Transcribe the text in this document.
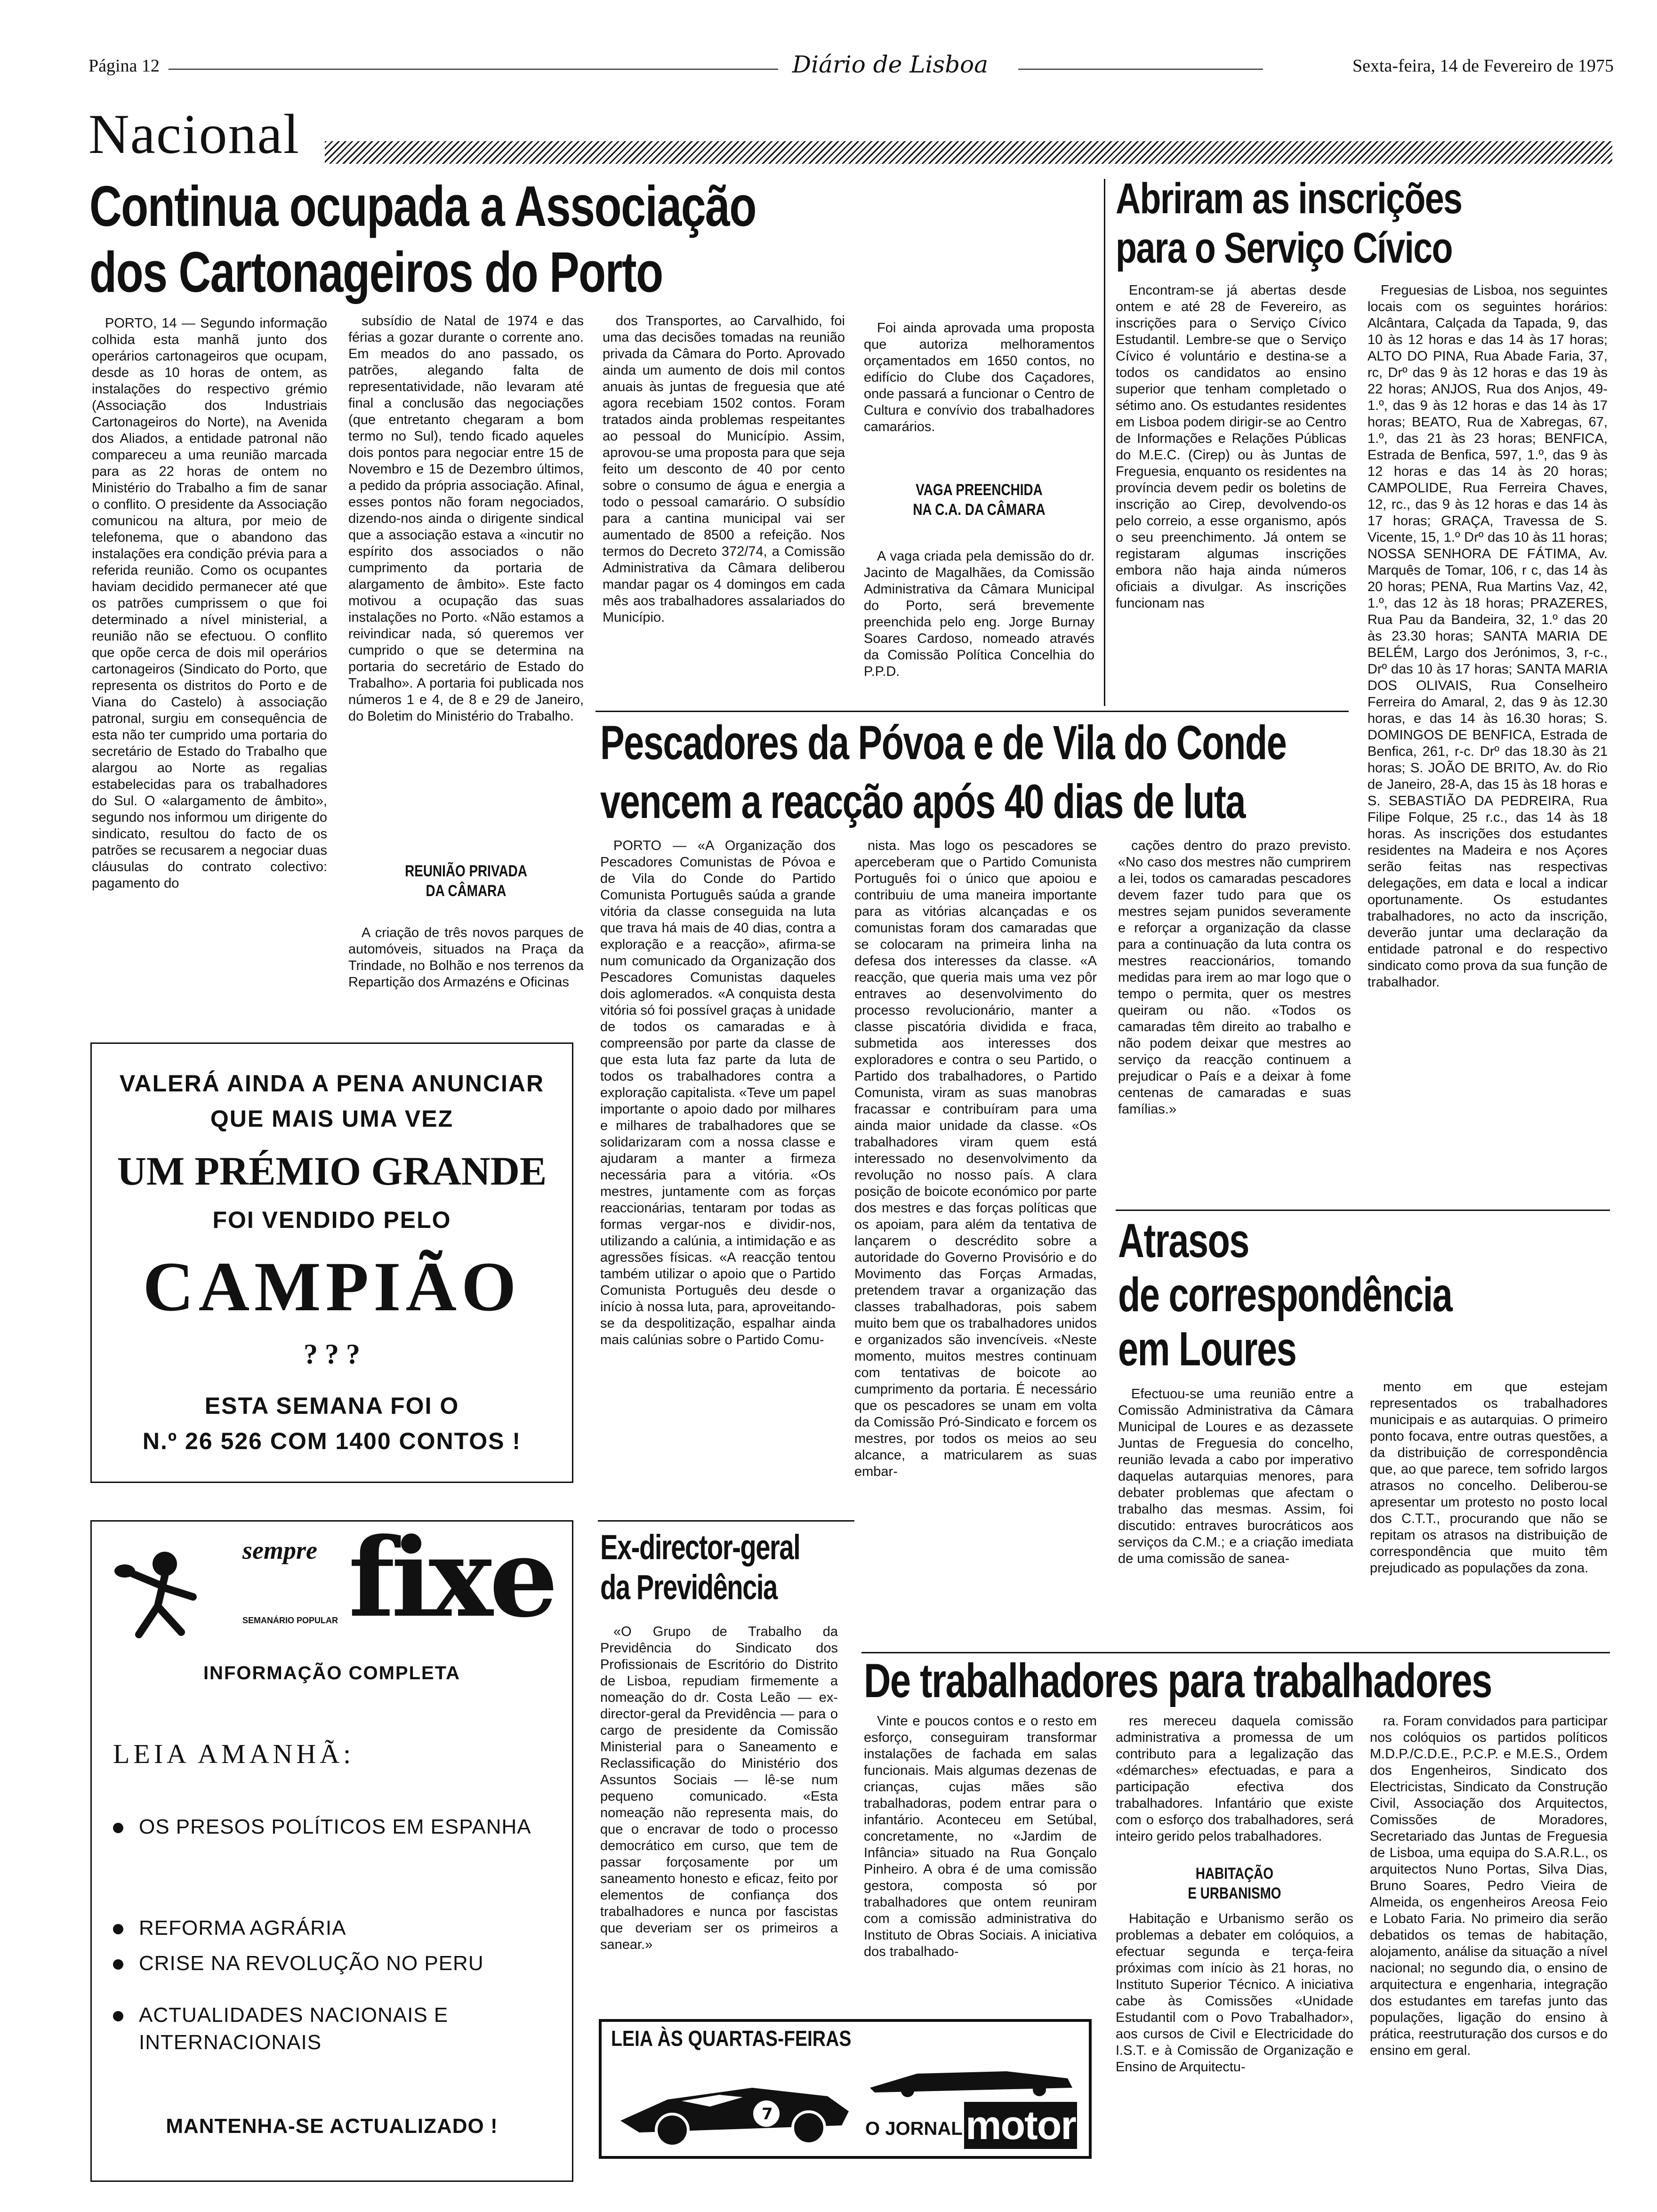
Página 12	Diário de Lisboa	Sexta-feira, 14 de Fevereiro de 1975
Nacional
Continua ocupada a Associação
dos Cartonageiros do Porto

PORTO, 14 — Segundo informação colhida esta manhã junto dos operários cartonageiros que ocupam, desde as 10 horas de ontem, as instalações do respectivo grémio (Associação dos Industriais Cartonageiros do Norte), na Avenida dos Aliados, a entidade patronal não compareceu a uma reunião marcada para as 22 horas de ontem no Ministério do Trabalho a fim de sanar o conflito. O presidente da Associação comunicou na altura, por meio de telefonema, que o abandono das instalações era condição prévia para a referida reunião. Como os ocupantes haviam decidido permanecer até que os patrões cumprissem o que foi determinado a nível ministerial, a reunião não se efectuou. O conflito que opõe cerca de dois mil operários cartonageiros (Sindicato do Porto, que representa os distritos do Porto e de Viana do Castelo) à associação patronal, surgiu em consequência de esta não ter cumprido uma portaria do secretário de Estado do Trabalho que alargou ao Norte as regalias estabelecidas para os trabalhadores do Sul. O «alargamento de âmbito», segundo nos informou um dirigente do sindicato, resultou do facto de os patrões se recusarem a negociar duas cláusulas do contrato colectivo: pagamento do

subsídio de Natal de 1974 e das férias a gozar durante o corrente ano. Em meados do ano passado, os patrões, alegando falta de representatividade, não levaram até final a conclusão das negociações (que entretanto chegaram a bom termo no Sul), tendo ficado aqueles dois pontos para negociar entre 15 de Novembro e 15 de Dezembro últimos, a pedido da própria associação. Afinal, esses pontos não foram negociados, dizendo-nos ainda o dirigente sindical que a associação estava a «incutir no espírito dos associados o não cumprimento da portaria de alargamento de âmbito». Este facto motivou a ocupação das suas instalações no Porto. «Não estamos a reivindicar nada, só queremos ver cumprido o que se determina na portaria do secretário de Estado do Trabalho». A portaria foi publicada nos números 1 e 4, de 8 e 29 de Janeiro, do Boletim do Ministério do Trabalho.

REUNIÃO PRIVADA
DA CÂMARA

A criação de três novos parques de automóveis, situados na Praça da Trindade, no Bolhão e nos terrenos da Repartição dos Armazéns e Oficinas

dos Transportes, ao Carvalhido, foi uma das decisões tomadas na reunião privada da Câmara do Porto. Aprovado ainda um aumento de dois mil contos anuais às juntas de freguesia que até agora recebiam 1502 contos. Foram tratados ainda problemas respeitantes ao pessoal do Município. Assim, aprovou-se uma proposta para que seja feito um desconto de 40 por cento sobre o consumo de água e energia a todo o pessoal camarário. O subsídio para a cantina municipal vai ser aumentado de 8500 a refeição. Nos termos do Decreto 372/74, a Comissão Administrativa da Câmara deliberou mandar pagar os 4 domingos em cada mês aos trabalhadores assalariados do Município.

Foi ainda aprovada uma proposta que autoriza melhoramentos orçamentados em 1650 contos, no edifício do Clube dos Caçadores, onde passará a funcionar o Centro de Cultura e convívio dos trabalhadores camarários.

VAGA PREENCHIDA
NA C.A. DA CÂMARA

A vaga criada pela demissão do dr. Jacinto de Magalhães, da Comissão Administrativa da Câmara Municipal do Porto, será brevemente preenchida pelo eng. Jorge Burnay Soares Cardoso, nomeado através da Comissão Política Concelhia do P.P.D.

Abriram as inscrições
para o Serviço Cívico

Encontram-se já abertas desde ontem e até 28 de Fevereiro, as inscrições para o Serviço Cívico Estudantil. Lembre-se que o Serviço Cívico é voluntário e destina-se a todos os candidatos ao ensino superior que tenham completado o sétimo ano. Os estudantes residentes em Lisboa podem dirigir-se ao Centro de Informações e Relações Públicas do M.E.C. (Cirep) ou às Juntas de Freguesia, enquanto os residentes na província devem pedir os boletins de inscrição ao Cirep, devolvendo-os pelo correio, a esse organismo, após o seu preenchimento. Já ontem se registaram algumas inscrições embora não haja ainda números oficiais a divulgar. As inscrições funcionam nas

Freguesias de Lisboa, nos seguintes locais com os seguintes horários: Alcântara, Calçada da Tapada, 9, das 10 às 12 horas e das 14 às 17 horas; ALTO DO PINA, Rua Abade Faria, 37, rc, Drº das 9 às 12 horas e das 19 às 22 horas; ANJOS, Rua dos Anjos, 49-1.º, das 9 às 12 horas e das 14 às 17 horas; BEATO, Rua de Xabregas, 67, 1.º, das 21 às 23 horas; BENFICA, Estrada de Benfica, 597, 1.º, das 9 às 12 horas e das 14 às 20 horas; CAMPOLIDE, Rua Ferreira Chaves, 12, rc., das 9 às 12 horas e das 14 às 17 horas; GRAÇA, Travessa de S. Vicente, 15, 1.º Drº das 10 às 11 horas; NOSSA SENHORA DE FÁTIMA, Av. Marquês de Tomar, 106, r c, das 14 às 20 horas; PENA, Rua Martins Vaz, 42, 1.º, das 12 às 18 horas; PRAZERES, Rua Pau da Bandeira, 32, 1.º das 20 às 23.30 horas; SANTA MARIA DE BELÉM, Largo dos Jerónimos, 3, r-c., Drº das 10 às 17 horas; SANTA MARIA DOS OLIVAIS, Rua Conselheiro Ferreira do Amaral, 2, das 9 às 12.30 horas, e das 14 às 16.30 horas; S. DOMINGOS DE BENFICA, Estrada de Benfica, 261, r-c. Drº das 18.30 às 21 horas; S. JOÃO DE BRITO, Av. do Rio de Janeiro, 28-A, das 15 às 18 horas e S. SEBASTIÃO DA PEDREIRA, Rua Filipe Folque, 25 r.c., das 14 às 18 horas. As inscrições dos estudantes residentes na Madeira e nos Açores serão feitas nas respectivas delegações, em data e local a indicar oportunamente. Os estudantes trabalhadores, no acto da inscrição, deverão juntar uma declaração da entidade patronal e do respectivo sindicato como prova da sua função de trabalhador.

Pescadores da Póvoa e de Vila do Conde
vencem a reacção após 40 dias de luta

PORTO — «A Organização dos Pescadores Comunistas de Póvoa e de Vila do Conde do Partido Comunista Português saúda a grande vitória da classe conseguida na luta que trava há mais de 40 dias, contra a exploração e a reacção», afirma-se num comunicado da Organização dos Pescadores Comunistas daqueles dois aglomerados. «A conquista desta vitória só foi possível graças à unidade de todos os camaradas e à compreensão por parte da classe de que esta luta faz parte da luta de todos os trabalhadores contra a exploração capitalista. «Teve um papel importante o apoio dado por milhares e milhares de trabalhadores que se solidarizaram com a nossa classe e ajudaram a manter a firmeza necessária para a vitória. «Os mestres, juntamente com as forças reaccionárias, tentaram por todas as formas vergar-nos e dividir-nos, utilizando a calúnia, a intimidação e as agressões físicas. «A reacção tentou também utilizar o apoio que o Partido Comunista Português deu desde o início à nossa luta, para, aproveitando-se da despolitização, espalhar ainda mais calúnias sobre o Partido Comu-

nista. Mas logo os pescadores se aperceberam que o Partido Comunista Português foi o único que apoiou e contribuiu de uma maneira importante para as vitórias alcançadas e os comunistas foram dos camaradas que se colocaram na primeira linha na defesa dos interesses da classe. «A reacção, que queria mais uma vez pôr entraves ao desenvolvimento do processo revolucionário, manter a classe piscatória dividida e fraca, submetida aos interesses dos exploradores e contra o seu Partido, o Partido dos trabalhadores, o Partido Comunista, viram as suas manobras fracassar e contribuíram para uma ainda maior unidade da classe. «Os trabalhadores viram quem está interessado no desenvolvimento da revolução no nosso país. A clara posição de boicote económico por parte dos mestres e das forças políticas que os apoiam, para além da tentativa de lançarem o descrédito sobre a autoridade do Governo Provisório e do Movimento das Forças Armadas, pretendem travar a organização das classes trabalhadoras, pois sabem muito bem que os trabalhadores unidos e organizados são invencíveis. «Neste momento, muitos mestres continuam com tentativas de boicote ao cumprimento da portaria. É necessário que os pescadores se unam em volta da Comissão Pró-Sindicato e forcem os mestres, por todos os meios ao seu alcance, a matricularem as suas embar-

cações dentro do prazo previsto. «No caso dos mestres não cumprirem a lei, todos os camaradas pescadores devem fazer tudo para que os mestres sejam punidos severamente e reforçar a organização da classe para a continuação da luta contra os mestres reaccionários, tomando medidas para irem ao mar logo que o tempo o permita, quer os mestres queiram ou não. «Todos os camaradas têm direito ao trabalho e não podem deixar que mestres ao serviço da reacção continuem a prejudicar o País e a deixar à fome centenas de camaradas e suas famílias.»

VALERÁ AINDA A PENA ANUNCIAR
QUE MAIS UMA VEZ
UM PRÉMIO GRANDE
FOI VENDIDO PELO
CAMPIÃO
? ? ?
ESTA SEMANA FOI O
N.º 26 526 COM 1400 CONTOS !
sempre fixe
SEMANÁRIO POPULAR
INFORMAÇÃO COMPLETA
LEIA AMANHÃ:
OS PRESOS POLÍTICOS EM ESPANHA
REFORMA AGRÁRIA
CRISE NA REVOLUÇÃO NO PERU
ACTUALIDADES NACIONAIS E INTERNACIONAIS
MANTENHA-SE ACTUALIZADO !
Ex-director-geral
da Previdência

«O Grupo de Trabalho da Previdência do Sindicato dos Profissionais de Escritório do Distrito de Lisboa, repudiam firmemente a nomeação do dr. Costa Leão — ex-director-geral da Previdência — para o cargo de presidente da Comissão Ministerial para o Saneamento e Reclassificação do Ministério dos Assuntos Sociais — lê-se num pequeno comunicado. «Esta nomeação não representa mais, do que o encravar de todo o processo democrático em curso, que tem de passar forçosamente por um saneamento honesto e eficaz, feito por elementos de confiança dos trabalhadores e nunca por fascistas que deveriam ser os primeiros a sanear.»

Atrasos
de correspondência
em Loures

Efectuou-se uma reunião entre a Comissão Administrativa da Câmara Municipal de Loures e as dezassete Juntas de Freguesia do concelho, reunião levada a cabo por imperativo daquelas autarquias menores, para debater problemas que afectam o trabalho das mesmas. Assim, foi discutido: entraves burocráticos aos serviços da C.M.; e a criação imediata de uma comissão de sanea-

mento em que estejam representados os trabalhadores municipais e as autarquias. O primeiro ponto focava, entre outras questões, a da distribuição de correspondência que, ao que parece, tem sofrido largos atrasos no concelho. Deliberou-se apresentar um protesto no posto local dos C.T.T., procurando que não se repitam os atrasos na distribuição de correspondência que muito têm prejudicado as populações da zona.

De trabalhadores para trabalhadores

Vinte e poucos contos e o resto em esforço, conseguiram transformar instalações de fachada em salas funcionais. Mais algumas dezenas de crianças, cujas mães são trabalhadoras, podem entrar para o infantário. Aconteceu em Setúbal, concretamente, no «Jardim de Infância» situado na Rua Gonçalo Pinheiro. A obra é de uma comissão gestora, composta só por trabalhadores que ontem reuniram com a comissão administrativa do Instituto de Obras Sociais. A iniciativa dos trabalhado-

res mereceu daquela comissão administrativa a promessa de um contributo para a legalização das «démarches» efectuadas, e para a participação efectiva dos trabalhadores. Infantário que existe com o esforço dos trabalhadores, será inteiro gerido pelos trabalhadores.

HABITAÇÃO
E URBANISMO

Habitação e Urbanismo serão os problemas a debater em colóquios, a efectuar segunda e terça-feira próximas com início às 21 horas, no Instituto Superior Técnico. A iniciativa cabe às Comissões «Unidade Estudantil com o Povo Trabalhador», aos cursos de Civil e Electricidade do I.S.T. e à Comissão de Organização e Ensino de Arquitectu-

ra. Foram convidados para participar nos colóquios os partidos políticos M.D.P./C.D.E., P.C.P. e M.E.S., Ordem dos Engenheiros, Sindicato dos Electricistas, Sindicato da Construção Civil, Associação dos Arquitectos, Comissões de Moradores, Secretariado das Juntas de Freguesia de Lisboa, uma equipa do S.A.R.L., os arquitectos Nuno Portas, Silva Dias, Bruno Soares, Pedro Vieira de Almeida, os engenheiros Areosa Feio e Lobato Faria. No primeiro dia serão debatidos os temas de habitação, alojamento, análise da situação a nível nacional; no segundo dia, o ensino de arquitectura e engenharia, integração dos estudantes em tarefas junto das populações, ligação do ensino à prática, reestruturação dos cursos e do ensino em geral.

LEIA ÀS QUARTAS-FEIRAS
7
O JORNAL motor
